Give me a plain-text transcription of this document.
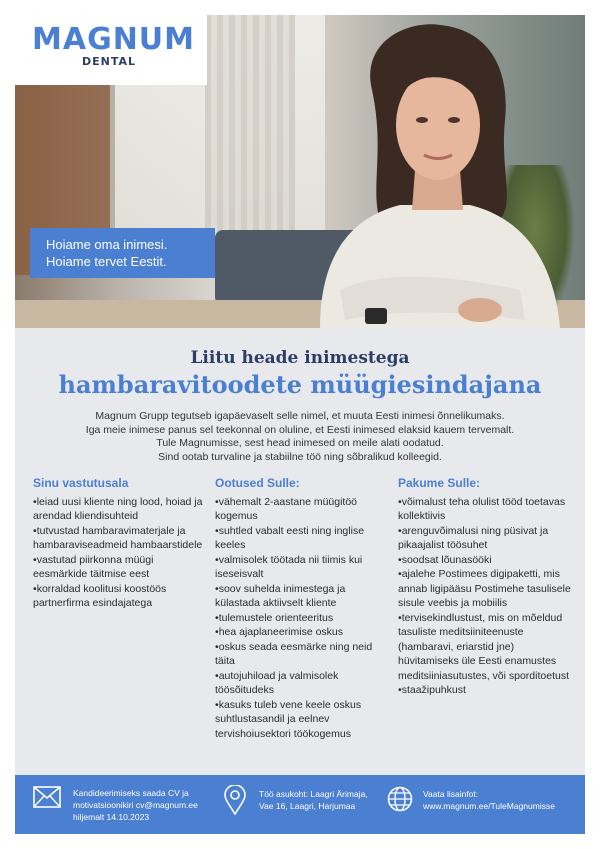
MAGNUM
DENTAL
Hoiame oma inimesi.
Hoiame tervet Eestit.
Liitu heade inimestega
hambaravitoodete müügiesindajana
Magnum Grupp tegutseb igapäevaselt selle nimel, et muuta Eesti inimesi õnnelikumaks.
Iga meie inimese panus sel teekonnal on oluline, et Eesti inimesed elaksid kauem tervemalt.
Tule Magnumisse, sest head inimesed on meile alati oodatud.
Sind ootab turvaline ja stabiilne töö ning sõbralikud kolleegid.
Sinu vastutusala
• leiad uusi kliente ning lood, hoiad ja arendad kliendisuhteid
• tutvustad hambaravimaterjale ja hambaraviseadmeid hambaarstidele
• vastutad piirkonna müügi eesmärkide täitmise eest
• korraldad koolitusi koostöös partnerfirma esindajatega
Ootused Sulle:
• vähemalt 2-aastane müügitöö kogemus
• suhtled vabalt eesti ning inglise keeles
• valmisolek töötada nii tiimis kui iseseisvalt
• soov suhelda inimestega ja külastada aktiivselt kliente
• tulemustele orienteeritus
• hea ajaplaneerimise oskus
• oskus seada eesmärke ning neid täita
• autojuhiload ja valmisolek töösõitudeks
• kasuks tuleb vene keele oskus suhtlustasandil ja eelnev tervishoiusektori töökogemus
Pakume Sulle:
• võimalust teha olulist tööd toetavas kollektiivis
• arenguvõimalusi ning püsivat ja pikaajalist töösuhet
• soodsat lõunasööki
• ajalehe Postimees digipaketti, mis annab ligipääsu Postimehe tasulisele sisule veebis ja mobiilis
• tervisekindlustust, mis on mõeldud tasuliste meditsiiniteenuste (hambaravi, eriarstid jne) hüvitamiseks üle Eesti enamustes meditsiiniasutustes, või sporditoetust
• staažipuhkust
Kandideerimiseks saada CV ja
motivatsioonikiri cv@magnum.ee
hiljemalt 14.10.2023
Töö asukoht: Laagri Ärimaja,
Vae 16, Laagri, Harjumaa
Vaata lisainfot:
www.magnum.ee/TuleMagnumisse
